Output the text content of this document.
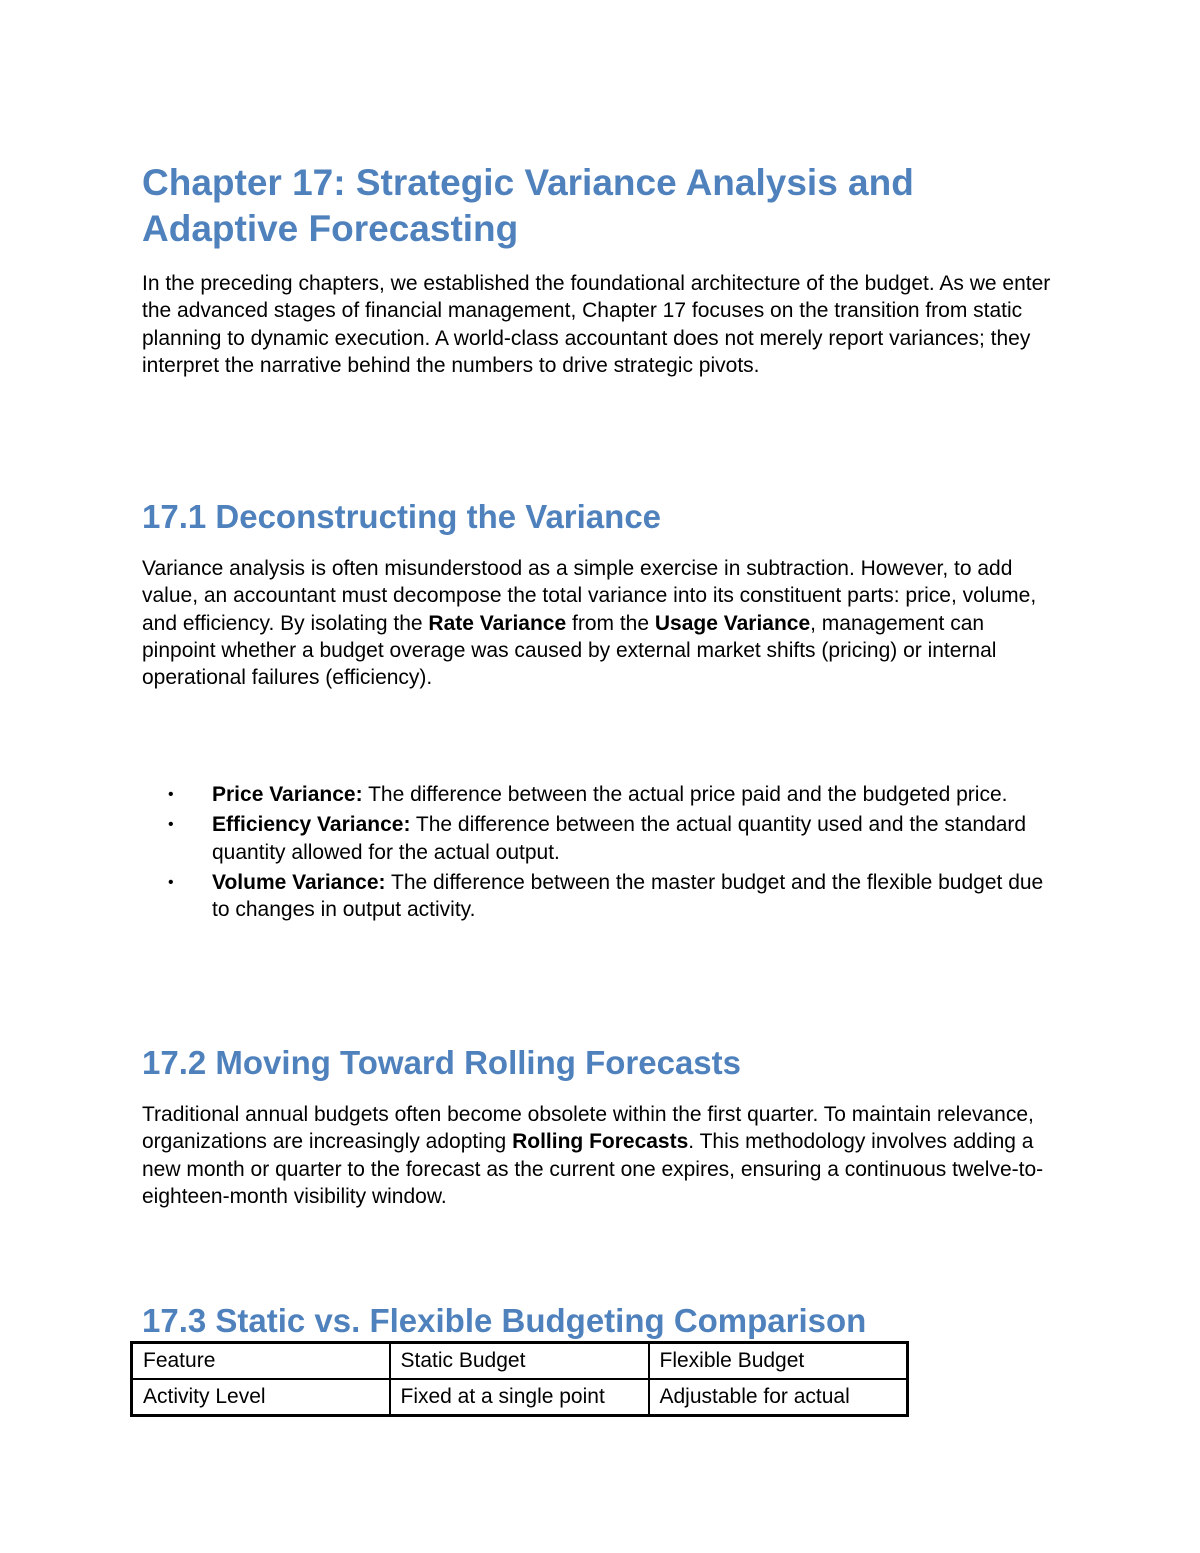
Chapter 17: Strategic Variance Analysis and
Adaptive Forecasting

In the preceding chapters, we established the foundational architecture of the budget. As we enter the advanced stages of financial management, Chapter 17 focuses on the transition from static planning to dynamic execution. A world-class accountant does not merely report variances; they interpret the narrative behind the numbers to drive strategic pivots.

17.1 Deconstructing the Variance

Variance analysis is often misunderstood as a simple exercise in subtraction. However, to add value, an accountant must decompose the total variance into its constituent parts: price, volume, and efficiency. By isolating the Rate Variance from the Usage Variance, management can pinpoint whether a budget overage was caused by external market shifts (pricing) or internal operational failures (efficiency).

• Price Variance: The difference between the actual price paid and the budgeted price.
• Efficiency Variance: The difference between the actual quantity used and the standard quantity allowed for the actual output.
• Volume Variance: The difference between the master budget and the flexible budget due to changes in output activity.
17.2 Moving Toward Rolling Forecasts

Traditional annual budgets often become obsolete within the first quarter. To maintain relevance, organizations are increasingly adopting Rolling Forecasts. This methodology involves adding a new month or quarter to the forecast as the current one expires, ensuring a continuous twelve-to-eighteen-month visibility window.

17.3 Static vs. Flexible Budgeting Comparison
Feature	Static Budget	Flexible Budget
Activity Level	Fixed at a single point	Adjustable for actual
